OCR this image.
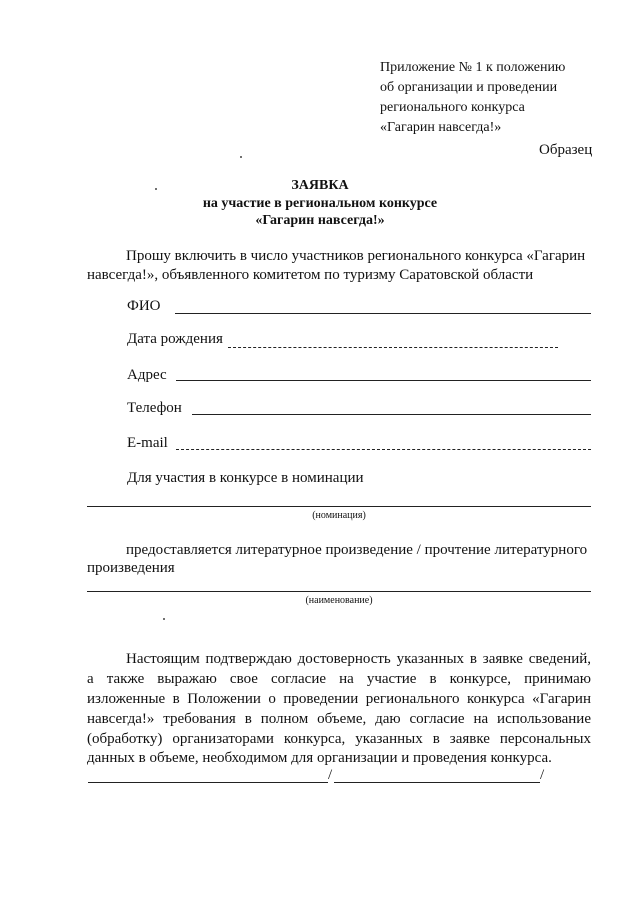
Приложение № 1 к положению
об организации и проведении
регионального конкурса
«Гагарин навсегда!»
Образец
ЗАЯВКА
на участие в региональном конкурсе
«Гагарин навсегда!»
Прошу включить в число участников регионального конкурса «Гагарин
навсегда!», объявленного комитетом по туризму Саратовской области
ФИО
Дата рождения
Адрес
Телефон
E-mail
Для участия в конкурсе в номинации
(номинация)
предоставляется литературное произведение / прочтение литературного
произведения
(наименование)
Настоящим подтверждаю достоверность указанных в заявке сведений,
а также выражаю свое согласие на участие в конкурсе, принимаю
изложенные в Положении о проведении регионального конкурса «Гагарин
навсегда!» требования в полном объеме, даю согласие на использование
(обработку) организаторами конкурса, указанных в заявке персональных
данных в объеме, необходимом для организации и проведения конкурса.
/	/
